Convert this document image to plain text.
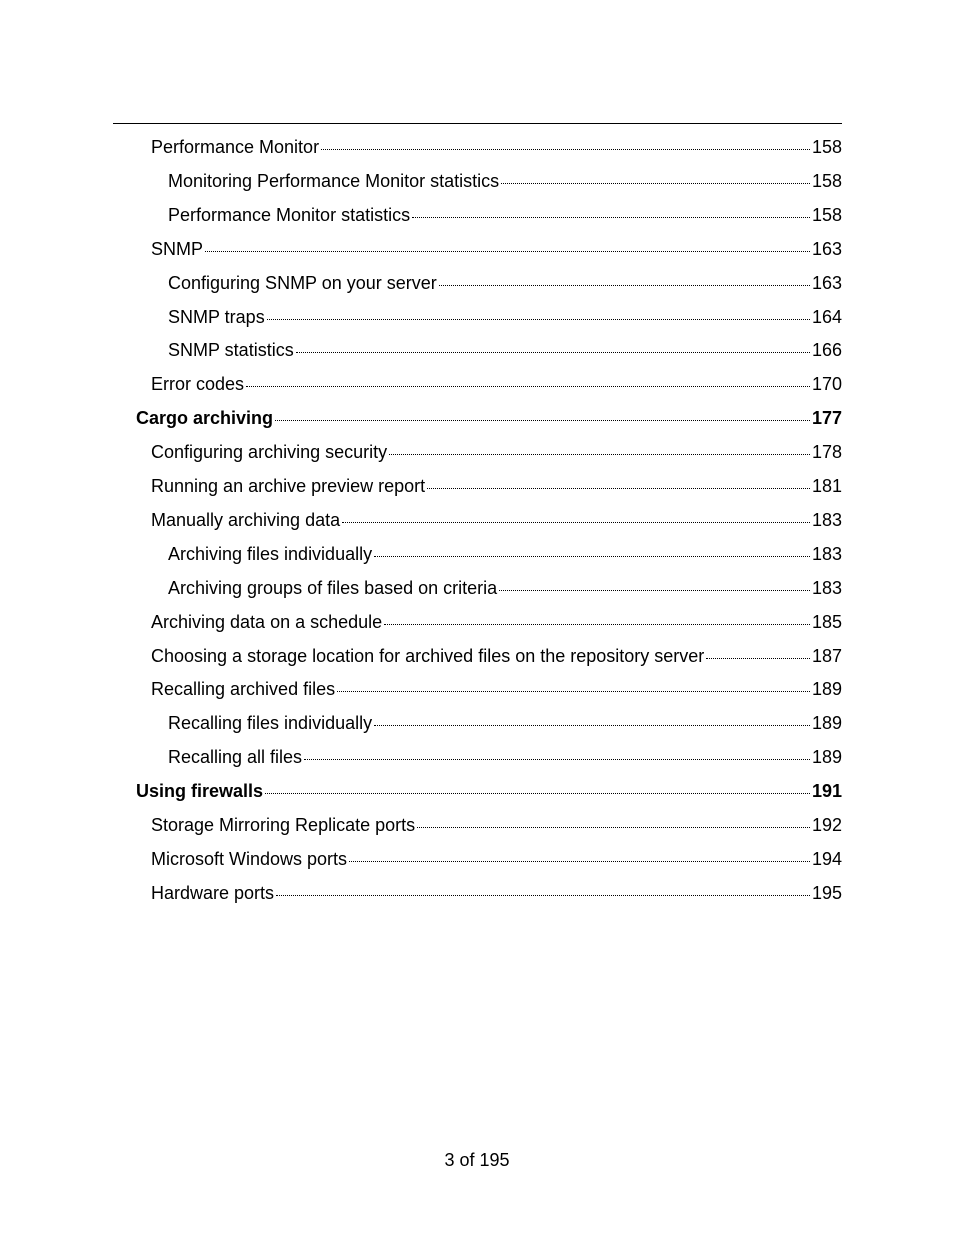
Performance Monitor	158
Monitoring Performance Monitor statistics	158
Performance Monitor statistics	158
SNMP	163
Configuring SNMP on your server	163
SNMP traps	164
SNMP statistics	166
Error codes	170
Cargo archiving	177
Configuring archiving security	178
Running an archive preview report	181
Manually archiving data	183
Archiving files individually	183
Archiving groups of files based on criteria	183
Archiving data on a schedule	185
Choosing a storage location for archived files on the repository server	187
Recalling archived files	189
Recalling files individually	189
Recalling all files	189
Using firewalls	191
Storage Mirroring Replicate ports	192
Microsoft Windows ports	194
Hardware ports	195
3 of 195
